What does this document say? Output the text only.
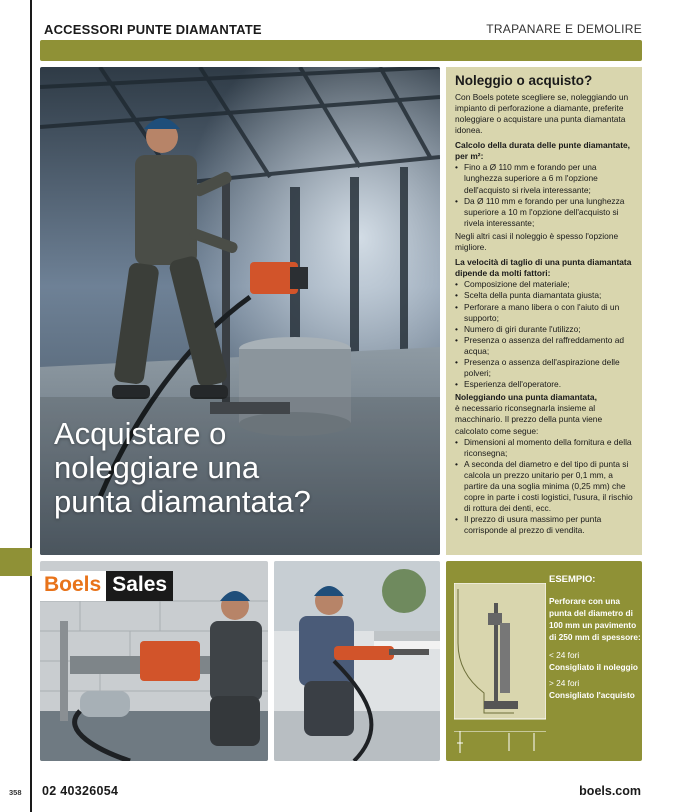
ACCESSORI PUNTE DIAMANTATE	TRAPANARE E DEMOLIRE
Acquistare o
noleggiare una
punta diamantata?
Noleggio o acquisto?

Con Boels potete scegliere se, noleggiando un impianto di perforazione a diamante, preferite noleggiare o acquistare una punta diamantata idonea.

Calcolo della durata delle punte diamantate, per m²:
• Fino a Ø 110 mm e forando per una lunghezza superiore a 6 m l'opzione dell'acquisto si rivela interessante;
• Da Ø 110 mm e forando per una lunghezza superiore a 10 m l'opzione dell'acquisto si rivela interessante;

Negli altri casi il noleggio è spesso l'opzione migliore.

La velocità di taglio di una punta diamantata dipende da molti fattori:
• Composizione del materiale;
• Scelta della punta diamantata giusta;
• Perforare a mano libera o con l'aiuto di un supporto;
• Numero di giri durante l'utilizzo;
• Presenza o assenza del raffreddamento ad acqua;
• Presenza o assenza dell'aspirazione delle polveri;
• Esperienza dell'operatore.
Noleggiando una punta diamantata,

è necessario riconsegnarla insieme al macchinario. Il prezzo della punta viene calcolato come segue:

• Dimensioni al momento della fornitura e della riconsegna;
• A seconda del diametro e del tipo di punta si calcola un prezzo unitario per 0,1 mm, a partire da una soglia minima (0,25 mm) che copre in parte i costi logistici, l'usura, il rischio di rottura dei denti, ecc.
• Il prezzo di usura massimo per punta corrisponde al prezzo di vendita.
Boels Sales	ESEMPIO:
Perforare con una punta del diametro di 100 mm un pavimento di 250 mm di spessore:
< 24 fori
Consigliato il noleggio
> 24 fori
Consigliato l'acquisto
358 02 40326054	boels.com
